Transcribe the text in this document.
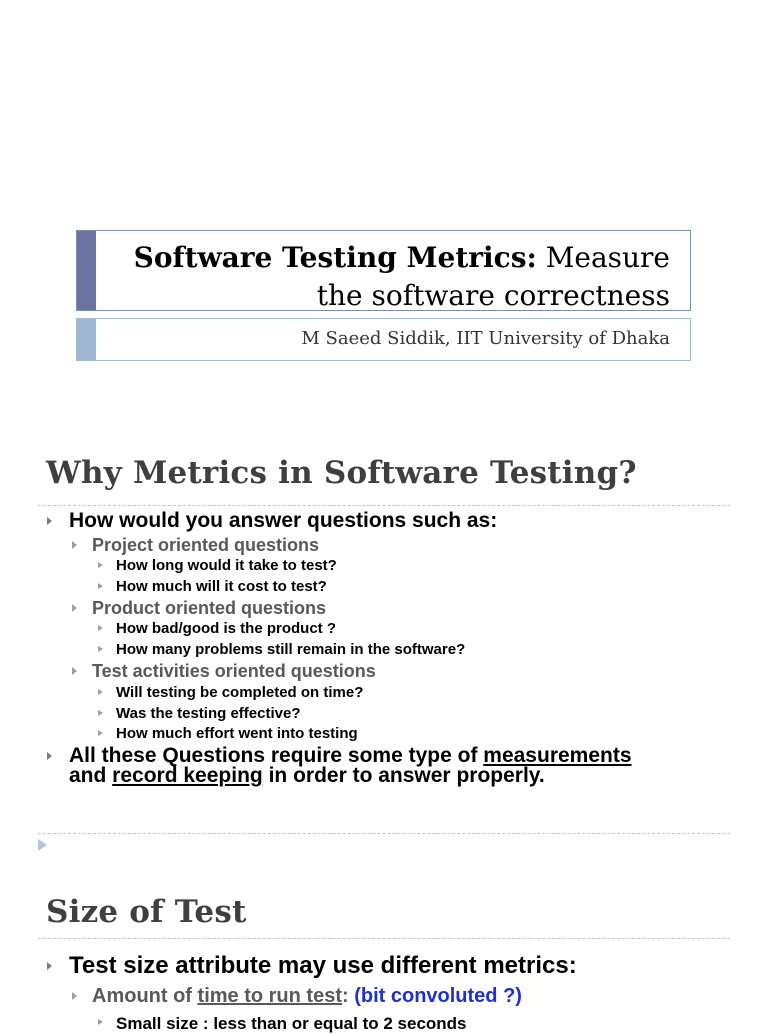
Software Testing Metrics: Measure
the software correctness
M Saeed Siddik, IIT University of Dhaka
Why Metrics in Software Testing?
How would you answer questions such as:
Project oriented questions
How long would it take to test?
How much will it cost to test?
Product oriented questions
How bad/good is the product ?
How many problems still remain in the software?
Test activities oriented questions
Will testing be completed on time?
Was the testing effective?
How much effort went into testing
All these Questions require some type of measurements
and record keeping in order to answer properly.
Size of Test
Test size attribute may use different metrics:
Amount of time to run test: (bit convoluted ?)
Small size : less than or equal to 2 seconds
